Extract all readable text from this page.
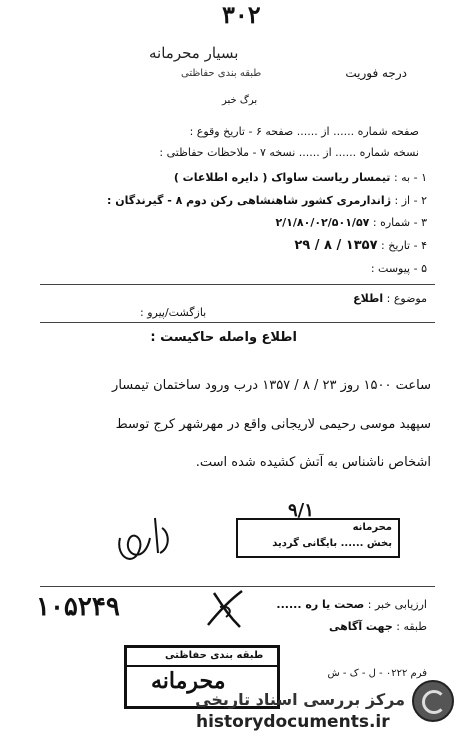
۳۰۲
بسیار محرمانه
طبقه بندی حفاظتی	درجه فوریت
برگ خبر
صفحه شماره ...... از ...... صفحه ۶ - تاریخ وقوع :
نسخه شماره ...... از ...... نسخه ۷ - ملاحظات حفاظتی :
۱ - به : تیمسار ریاست ساواک ( دایره اطلاعات )
۲ - از : ژاندارمری کشور شاهنشاهی رکن دوم ۸ - گیرندگان :
۳ - شماره : ۲/۱/۸۰/۰۲/۵۰۱/۵۷
۴ - تاریخ : ۱۳۵۷ / ۸ / ۲۹
۵ - پیوست :
موضوع : اطلاع
بازگشت/پیرو :
اطلاع واصله حاکیست :
ساعت ۱۵۰۰ روز ۲۳ / ۸ / ۱۳۵۷ درب ورود ساختمان تیمسار
سپهبد موسی رحیمی لاریجانی واقع در مهرشهر کرج توسط
اشخاص ناشناس به آتش کشیده شده است.
۹/۱
محرمانه
بخش ...... بایگانی گردید
ارزیابی خبر : صحت یا ره ......
طبقه : جهت آگاهی
۱۰۵۲۴۹
طبقه بندی حفاظتی
محرمانه	فرم ۰۲۲۲ - ل - ک - ش
مرکز بررسی اسناد تاریخی
historydocuments.ir
